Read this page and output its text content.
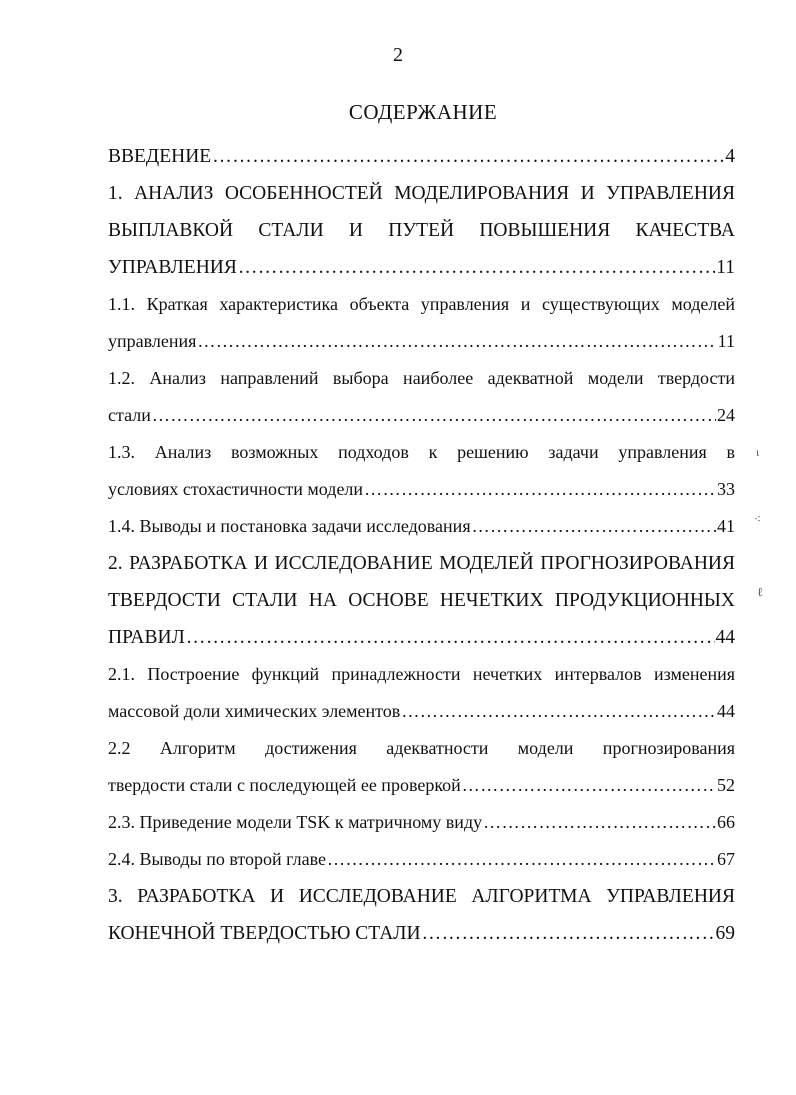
2
СОДЕРЖАНИЕ
ВВЕДЕНИЕ ………………………………………………………………………………………………………………………………………………………………………………	4
1. АНАЛИЗ ОСОБЕННОСТЕЙ МОДЕЛИРОВАНИЯ И УПРАВЛЕНИЯ
ВЫПЛАВКОЙ СТАЛИ И ПУТЕЙ ПОВЫШЕНИЯ КАЧЕСТВА
УПРАВЛЕНИЯ ………………………………………………………………………………………………………………………………………………………………………………	11
1.1. Краткая характеристика объекта управления и существующих моделей
управления ………………………………………………………………………………………………………………………………………………………………………………	11
1.2. Анализ направлений выбора наиболее адекватной модели твердости
стали ………………………………………………………………………………………………………………………………………………………………………………	24
1.3. Анализ возможных подходов к решению задачи управления в
условиях стохастичности модели ………………………………………………………………………………………………………………………………………………………………………………	33
1.4. Выводы и постановка задачи исследования ………………………………………………………………………………………………………………………………………………………………………………	41
2. РАЗРАБОТКА И ИССЛЕДОВАНИЕ МОДЕЛЕЙ ПРОГНОЗИРОВАНИЯ
ТВЕРДОСТИ СТАЛИ НА ОСНОВЕ НЕЧЕТКИХ ПРОДУКЦИОННЫХ
ПРАВИЛ ………………………………………………………………………………………………………………………………………………………………………………	44
2.1. Построение функций принадлежности нечетких интервалов изменения
массовой доли химических элементов ………………………………………………………………………………………………………………………………………………………………………………	44
2.2 Алгоритм достижения адекватности модели прогнозирования
твердости стали с последующей ее проверкой ………………………………………………………………………………………………………………………………………………………………………………	52
2.3. Приведение модели TSK к матричному виду ………………………………………………………………………………………………………………………………………………………………………………	66
2.4. Выводы по второй главе ………………………………………………………………………………………………………………………………………………………………………………	67
3. РАЗРАБОТКА И ИССЛЕДОВАНИЕ АЛГОРИТМА УПРАВЛЕНИЯ
КОНЕЧНОЙ ТВЕРДОСТЬЮ СТАЛИ ………………………………………………………………………………………………………………………………………………………………………………	69
ι
⁖
ℓ
